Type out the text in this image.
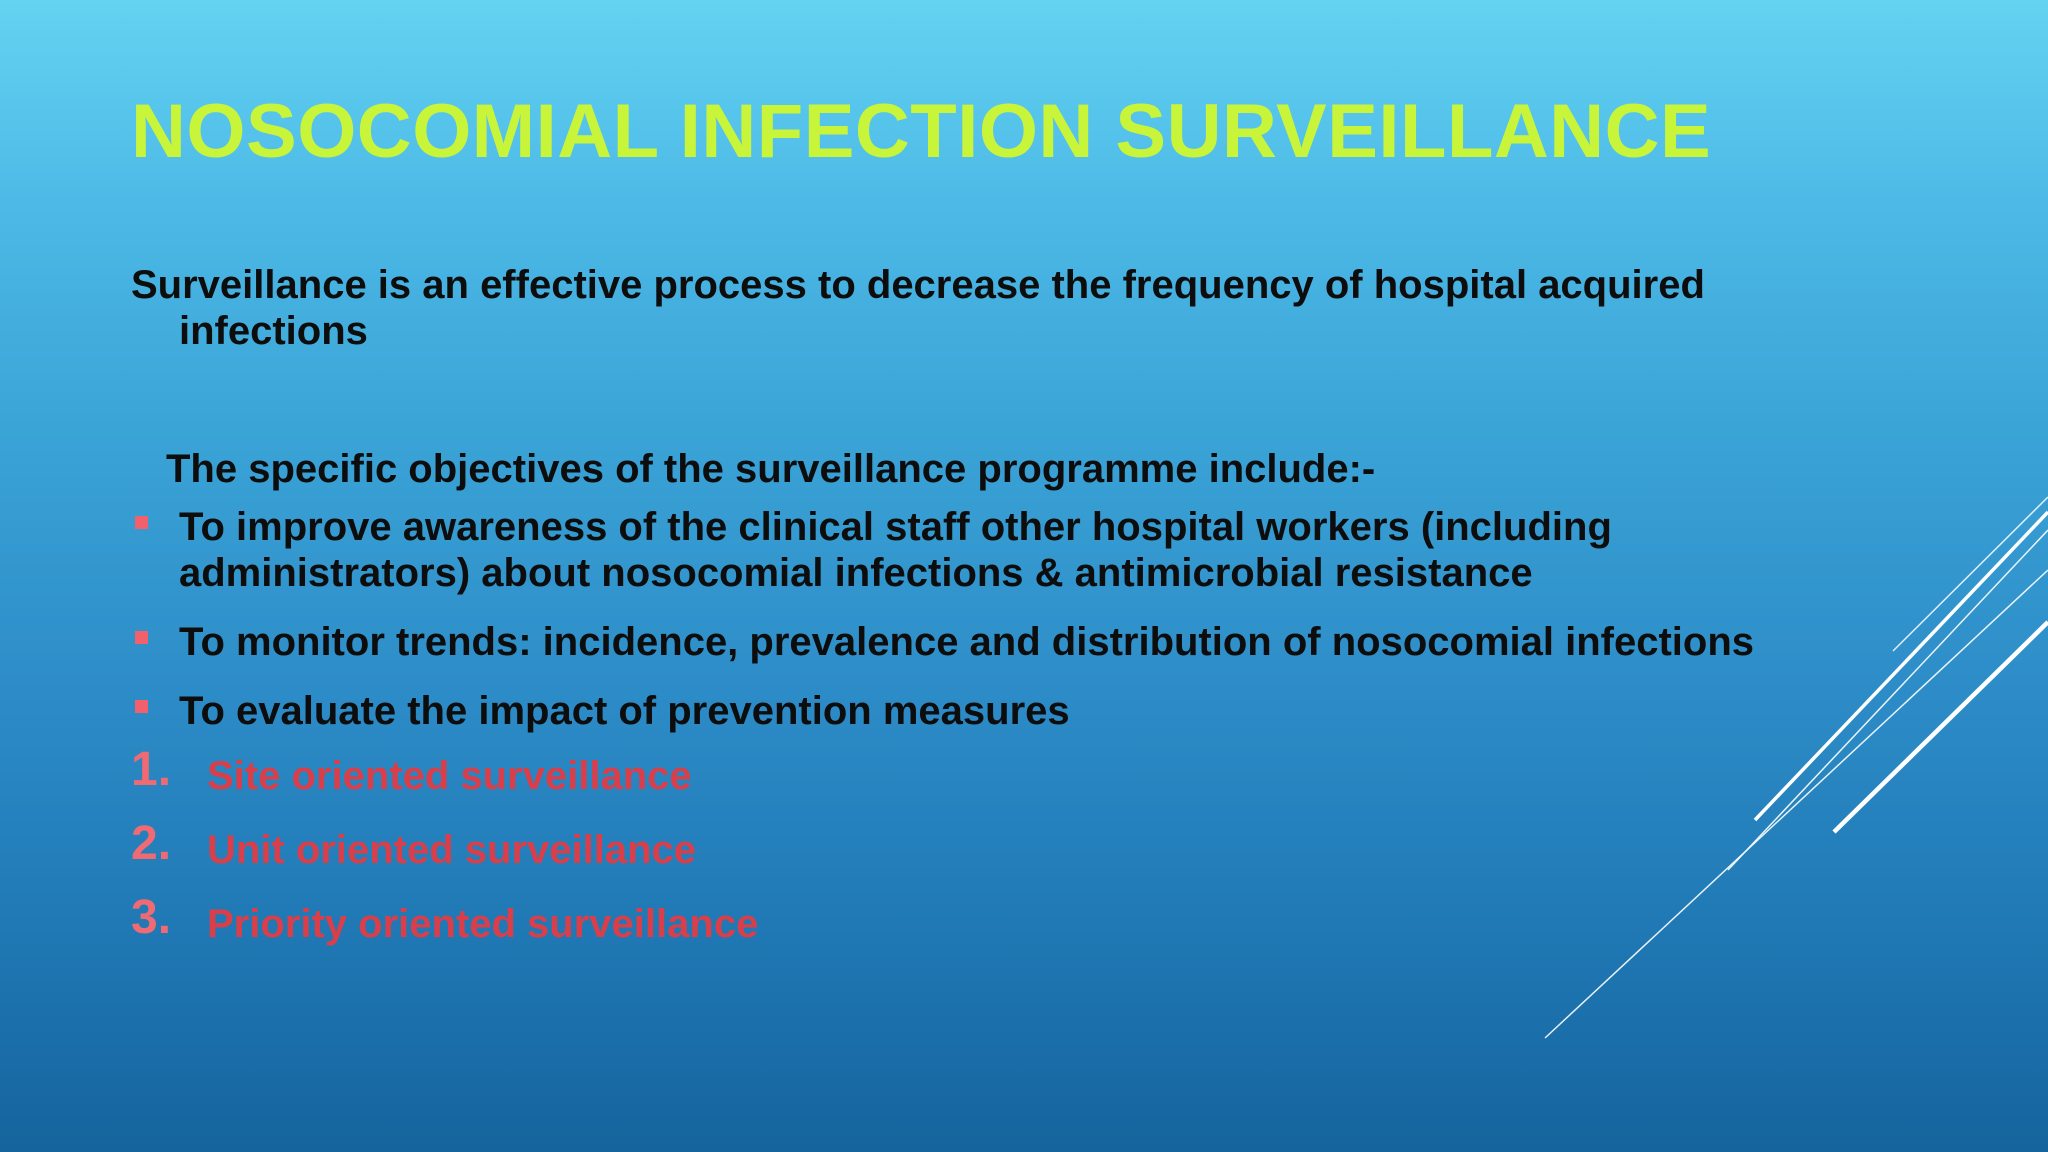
NOSOCOMIAL INFECTION SURVEILLANCE

Surveillance is an effective process to decrease the frequency of hospital acquired infections

The specific objectives of the surveillance programme include:-

To improve awareness of the clinical staff other hospital workers (including administrators) about nosocomial infections & antimicrobial resistance
To monitor trends: incidence, prevalence and distribution of nosocomial infections
To evaluate the impact of prevention measures
1. Site oriented surveillance
2. Unit oriented surveillance
3. Priority oriented surveillance
